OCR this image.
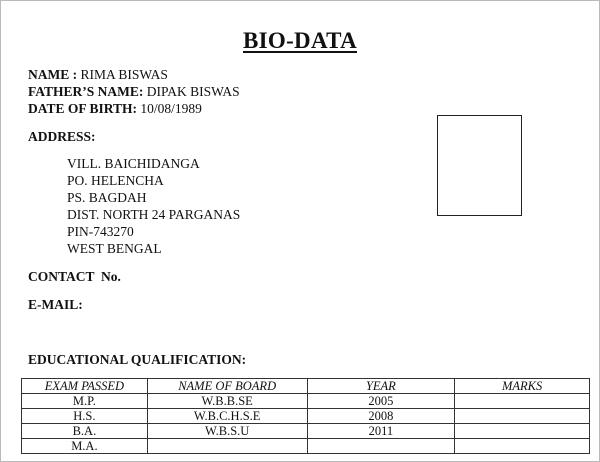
BIO-DATA
NAME : RIMA BISWAS
FATHER’S NAME: DIPAK BISWAS
DATE OF BIRTH: 10/08/1989
ADDRESS:
VILL. BAICHIDANGA
PO. HELENCHA
PS. BAGDAH
DIST. NORTH 24 PARGANAS
PIN-743270
WEST BENGAL
CONTACT  No.
E-MAIL:
EDUCATIONAL QUALIFICATION:
EXAM PASSED	NAME OF BOARD	YEAR	MARKS
M.P.	W.B.B.SE	2005	
H.S.	W.B.C.H.S.E	2008	
B.A.	W.B.S.U	2011	
M.A.			
